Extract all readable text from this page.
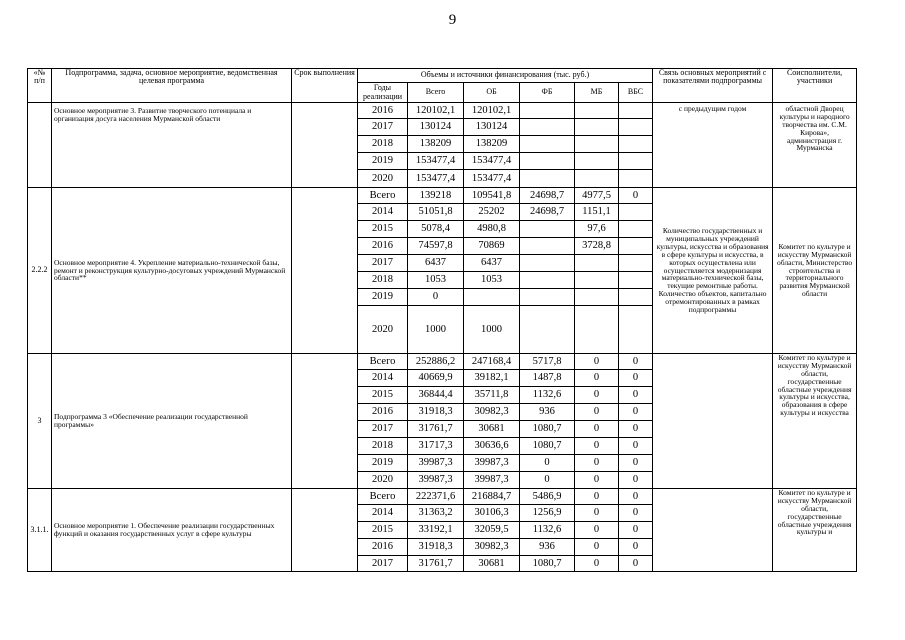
9
«№ п/п	Подпрограмма, задача, основное мероприятие, ведомственная целевая программа	Срок выполнения	Объемы и источники финансирования (тыс. руб.)						Связь основных мероприятий с показателями подпрограммы	Соисполнители, участники
			Годы реализации	Всего	ОБ	ФБ	МБ	ВБС		
	Основное мероприятие 3. Развитие творческого потенциала и организация досуга населения Мурманской области		2016	120102,1	120102,1				с предыдущим годом	областной Дворец культуры и народного творчества им. С.М. Кирова», администрация г. Мурманска
			2017	130124	130124					
			2018	138209	138209					
			2019	153477,4	153477,4					
			2020	153477,4	153477,4					
2.2.2	Основное мероприятие 4. Укрепление материально-технической базы, ремонт и реконструкция культурно-досуговых учреждений Мурманской области**		Всего	139218	109541,8	24698,7	4977,5	0	Количество государственных и муниципальных учреждений культуры, искусства и образования в сфере культуры и искусства, в которых осуществлена или осуществляется модернизация материально-технической базы, текущие ремонтные работы. Количество объектов, капитально отремонтированных в рамках подпрограммы	Комитет по культуре и искусству Мурманской области, Министерство строительства и территориального развития Мурманской области
			2014	51051,8	25202	24698,7	1151,1			
			2015	5078,4	4980,8		97,6			
			2016	74597,8	70869		3728,8			
			2017	6437	6437					
			2018	1053	1053					
			2019	0						
			2020	1000	1000					
3	Подпрограмма 3 «Обеспечение реализации государственной программы»		Всего	252886,2	247168,4	5717,8	0	0		Комитет по культуре и искусству Мурманской области, государственные областные учреждения культуры и искусства, образования в сфере культуры и искусства
			2014	40669,9	39182,1	1487,8	0	0		
			2015	36844,4	35711,8	1132,6	0	0		
			2016	31918,3	30982,3	936	0	0		
			2017	31761,7	30681	1080,7	0	0		
			2018	31717,3	30636,6	1080,7	0	0		
			2019	39987,3	39987,3	0	0	0		
			2020	39987,3	39987,3	0	0	0		
3.1.1.	Основное мероприятие 1. Обеспечение реализации государственных функций и оказания государственных услуг в сфере культуры		Всего	222371,6	216884,7	5486,9	0	0		Комитет по культуре и искусству Мурманской области, государственные областные учреждения культуры и
			2014	31363,2	30106,3	1256,9	0	0		
			2015	33192,1	32059,5	1132,6	0	0		
			2016	31918,3	30982,3	936	0	0		
			2017	31761,7	30681	1080,7	0	0		
